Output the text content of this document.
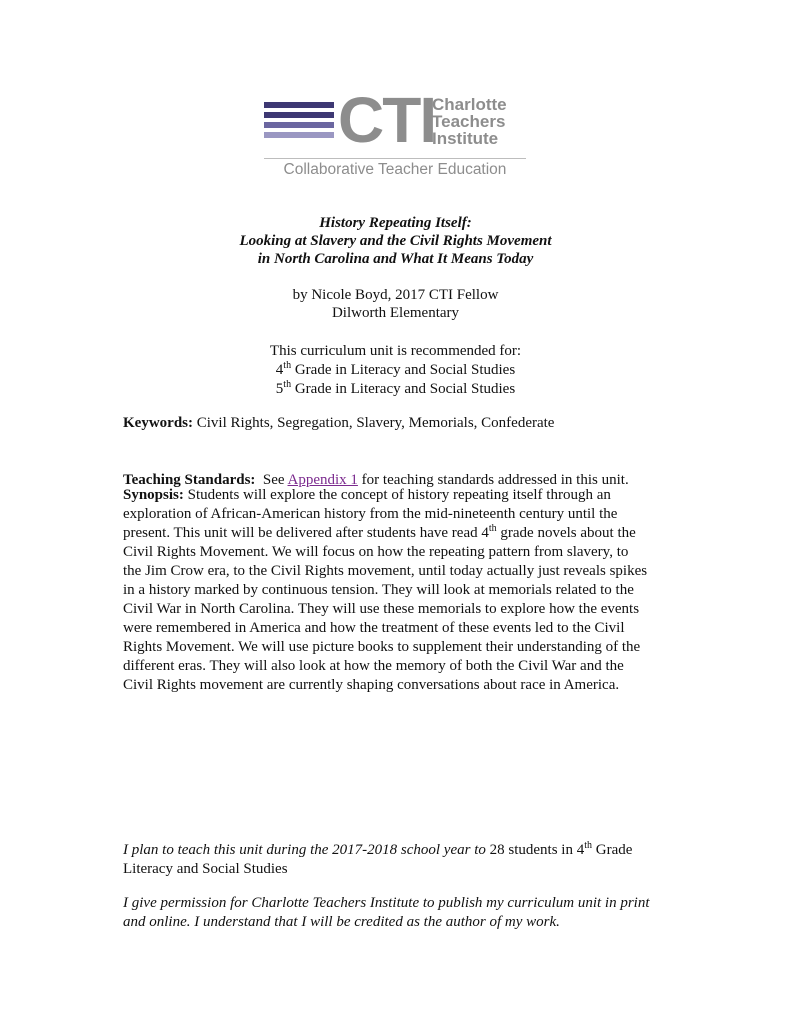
CTI
Charlotte
Teachers
Institute
Collaborative Teacher Education
History Repeating Itself:
Looking at Slavery and the Civil Rights Movement
in North Carolina and What It Means Today
by Nicole Boyd, 2017 CTI Fellow
Dilworth Elementary
This curriculum unit is recommended for:
4th Grade in Literacy and Social Studies
5th Grade in Literacy and Social Studies
Keywords: Civil Rights, Segregation, Slavery, Memorials, Confederate

Teaching Standards:  See Appendix 1 for teaching standards addressed in this unit.

Synopsis: Students will explore the concept of history repeating itself through an
exploration of African-American history from the mid-nineteenth century until the
present. This unit will be delivered after students have read 4th grade novels about the
Civil Rights Movement. We will focus on how the repeating pattern from slavery, to
the Jim Crow era, to the Civil Rights movement, until today actually just reveals spikes
in a history marked by continuous tension. They will look at memorials related to the
Civil War in North Carolina. They will use these memorials to explore how the events
were remembered in America and how the treatment of these events led to the Civil
Rights Movement. We will use picture books to supplement their understanding of the
different eras. They will also look at how the memory of both the Civil War and the
Civil Rights movement are currently shaping conversations about race in America.
I plan to teach this unit during the 2017-2018 school year to 28 students in 4th Grade
Literacy and Social Studies
I give permission for Charlotte Teachers Institute to publish my curriculum unit in print
and online. I understand that I will be credited as the author of my work.
